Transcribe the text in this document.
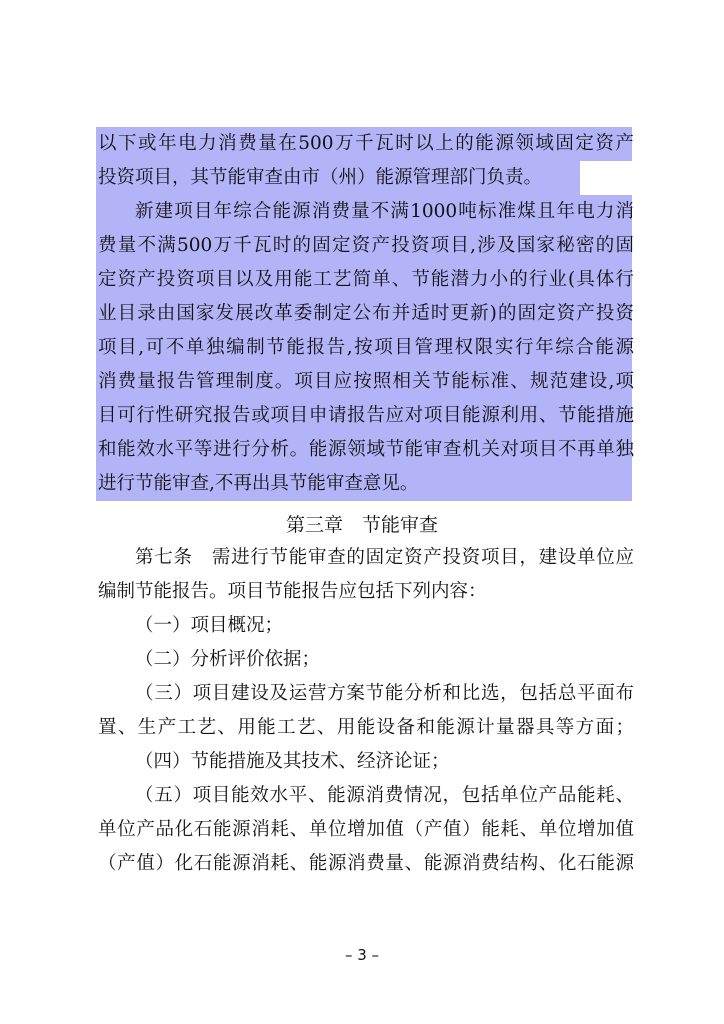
以下或年电力消费量在500万千瓦时以上的能源领域固定资产
投资项目，其节能审查由市（州）能源管理部门负责。
新建项目年综合能源消费量不满1000吨标准煤且年电力消
费量不满500万千瓦时的固定资产投资项目,涉及国家秘密的固
定资产投资项目以及用能工艺简单、节能潜力小的行业(具体行
业目录由国家发展改革委制定公布并适时更新)的固定资产投资
项目,可不单独编制节能报告,按项目管理权限实行年综合能源
消费量报告管理制度。项目应按照相关节能标准、规范建设,项
目可行性研究报告或项目申请报告应对项目能源利用、节能措施
和能效水平等进行分析。能源领域节能审查机关对项目不再单独
进行节能审查,不再出具节能审查意见。
第三章　节能审查
第七条　需进行节能审查的固定资产投资项目，建设单位应
编制节能报告。项目节能报告应包括下列内容：
（一）项目概况；
（二）分析评价依据；
（三）项目建设及运营方案节能分析和比选，包括总平面布
置、生产工艺、用能工艺、用能设备和能源计量器具等方面；
（四）节能措施及其技术、经济论证；
（五）项目能效水平、能源消费情况，包括单位产品能耗、
单位产品化石能源消耗、单位增加值（产值）能耗、单位增加值
（产值）化石能源消耗、能源消费量、能源消费结构、化石能源
– 3 –
